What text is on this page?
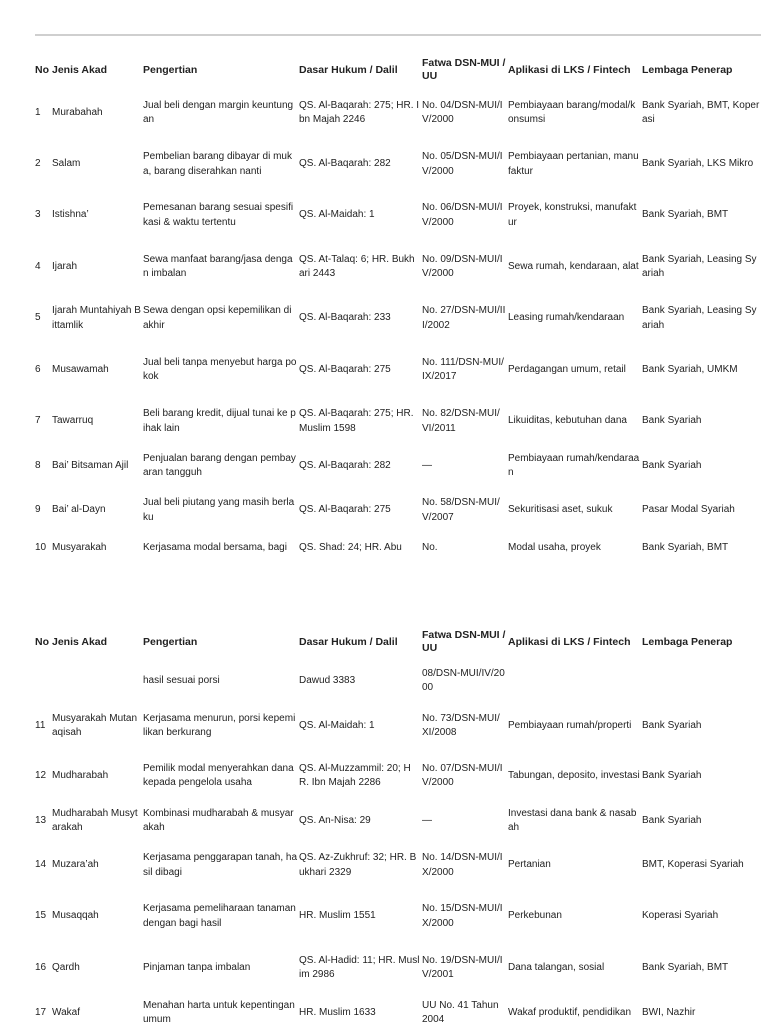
No	Jenis Akad	Pengertian	Dasar Hukum / Dalil	Fatwa DSN-MUI / UU	Aplikasi di LKS / Fintech	Lembaga Penerap
1	Murabahah	Jual beli dengan margin keuntungan	QS. Al-Baqarah: 275; HR. Ibn Majah 2246	No. 04/DSN-MUI/IV/2000	Pembiayaan barang/modal/konsumsi	Bank Syariah, BMT, Koperasi
2	Salam	Pembelian barang dibayar di muka, barang diserahkan nanti	QS. Al-Baqarah: 282	No. 05/DSN-MUI/IV/2000	Pembiayaan pertanian, manufaktur	Bank Syariah, LKS Mikro
3	Istishna’	Pemesanan barang sesuai spesifikasi & waktu tertentu	QS. Al-Maidah: 1	No. 06/DSN-MUI/IV/2000	Proyek, konstruksi, manufaktur	Bank Syariah, BMT
4	Ijarah	Sewa manfaat barang/jasa dengan imbalan	QS. At-Talaq: 6; HR. Bukhari 2443	No. 09/DSN-MUI/IV/2000	Sewa rumah, kendaraan, alat	Bank Syariah, Leasing Syariah
5	Ijarah Muntahiyah Bittamlik	Sewa dengan opsi kepemilikan di akhir	QS. Al-Baqarah: 233	No. 27/DSN-MUI/III/2002	Leasing rumah/kendaraan	Bank Syariah, Leasing Syariah
6	Musawamah	Jual beli tanpa menyebut harga pokok	QS. Al-Baqarah: 275	No. 111/DSN-MUI/IX/2017	Perdagangan umum, retail	Bank Syariah, UMKM
7	Tawarruq	Beli barang kredit, dijual tunai ke pihak lain	QS. Al-Baqarah: 275; HR. Muslim 1598	No. 82/DSN-MUI/VI/2011	Likuiditas, kebutuhan dana	Bank Syariah
8	Bai’ Bitsaman Ajil	Penjualan barang dengan pembayaran tangguh	QS. Al-Baqarah: 282	—	Pembiayaan rumah/kendaraan	Bank Syariah
9	Bai’ al-Dayn	Jual beli piutang yang masih berlaku	QS. Al-Baqarah: 275	No. 58/DSN-MUI/V/2007	Sekuritisasi aset, sukuk	Pasar Modal Syariah
10	Musyarakah	Kerjasama modal bersama, bagi	QS. Shad: 24; HR. Abu	No.	Modal usaha, proyek	Bank Syariah, BMT
No	Jenis Akad	Pengertian	Dasar Hukum / Dalil	Fatwa DSN-MUI / UU	Aplikasi di LKS / Fintech	Lembaga Penerap
		hasil sesuai porsi	Dawud 3383	08/DSN-MUI/IV/2000		
11	Musyarakah Mutanaqisah	Kerjasama menurun, porsi kepemilikan berkurang	QS. Al-Maidah: 1	No. 73/DSN-MUI/XI/2008	Pembiayaan rumah/properti	Bank Syariah
12	Mudharabah	Pemilik modal menyerahkan dana kepada pengelola usaha	QS. Al-Muzzammil: 20; HR. Ibn Majah 2286	No. 07/DSN-MUI/IV/2000	Tabungan, deposito, investasi	Bank Syariah
13	Mudharabah Musytarakah	Kombinasi mudharabah & musyarakah	QS. An-Nisa: 29	—	Investasi dana bank & nasabah	Bank Syariah
14	Muzara’ah	Kerjasama penggarapan tanah, hasil dibagi	QS. Az-Zukhruf: 32; HR. Bukhari 2329	No. 14/DSN-MUI/IX/2000	Pertanian	BMT, Koperasi Syariah
15	Musaqqah	Kerjasama pemeliharaan tanaman dengan bagi hasil	HR. Muslim 1551	No. 15/DSN-MUI/IX/2000	Perkebunan	Koperasi Syariah
16	Qardh	Pinjaman tanpa imbalan	QS. Al-Hadid: 11; HR. Muslim 2986	No. 19/DSN-MUI/IV/2001	Dana talangan, sosial	Bank Syariah, BMT
17	Wakaf	Menahan harta untuk kepentingan umum	HR. Muslim 1633	UU No. 41 Tahun 2004	Wakaf produktif, pendidikan	BWI, Nazhir
